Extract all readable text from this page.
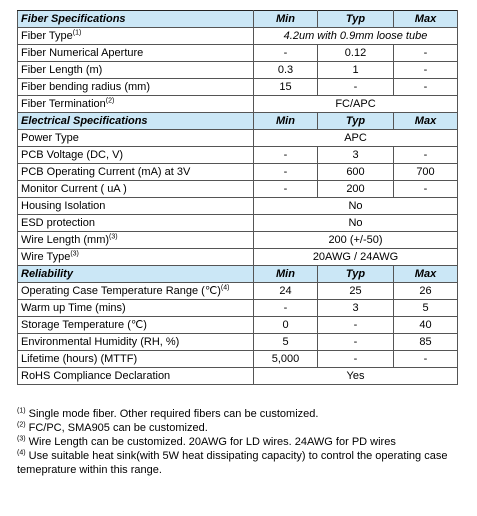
Fiber Specifications	Min	Typ	Max
Fiber Type$^{(1)}$	4.2um with 0.9mm loose tube		
Fiber Numerical Aperture	-	0.12	-
Fiber Length (m)	0.3	1	-
Fiber bending radius (mm)	15	-	-
Fiber Termination$^{(2)}$	FC/APC		
Electrical Specifications	Min	Typ	Max
Power Type	APC		
PCB Voltage (DC, V)	-	3	-
PCB Operating Current (mA) at 3V	-	600	700
Monitor Current ( uA )	-	200	-
Housing Isolation	No		
ESD protection	No		
Wire Length (mm)$^{(3)}$	200 (+/-50)		
Wire Type$^{(3)}$	20AWG / 24AWG		
Reliability	Min	Typ	Max
Operating Case Temperature Range (℃)$^{(4)}$	24	25	26
Warm up Time (mins)	-	3	5
Storage Temperature (℃)	0	-	40
Environmental Humidity (RH, %)	5	-	85
Lifetime (hours) (MTTF)	5,000	-	-
RoHS Compliance Declaration	Yes		

$^{(1)}$ Single mode fiber. Other required fibers can be customized.

$^{(2)}$ FC/PC, SMA905 can be customized.

$^{(3)}$ Wire Length can be customized. 20AWG for LD wires. 24AWG for PD wires

$^{(4)}$ Use suitable heat sink(with 5W heat dissipating capacity) to control the operating case temeprature within this range.
